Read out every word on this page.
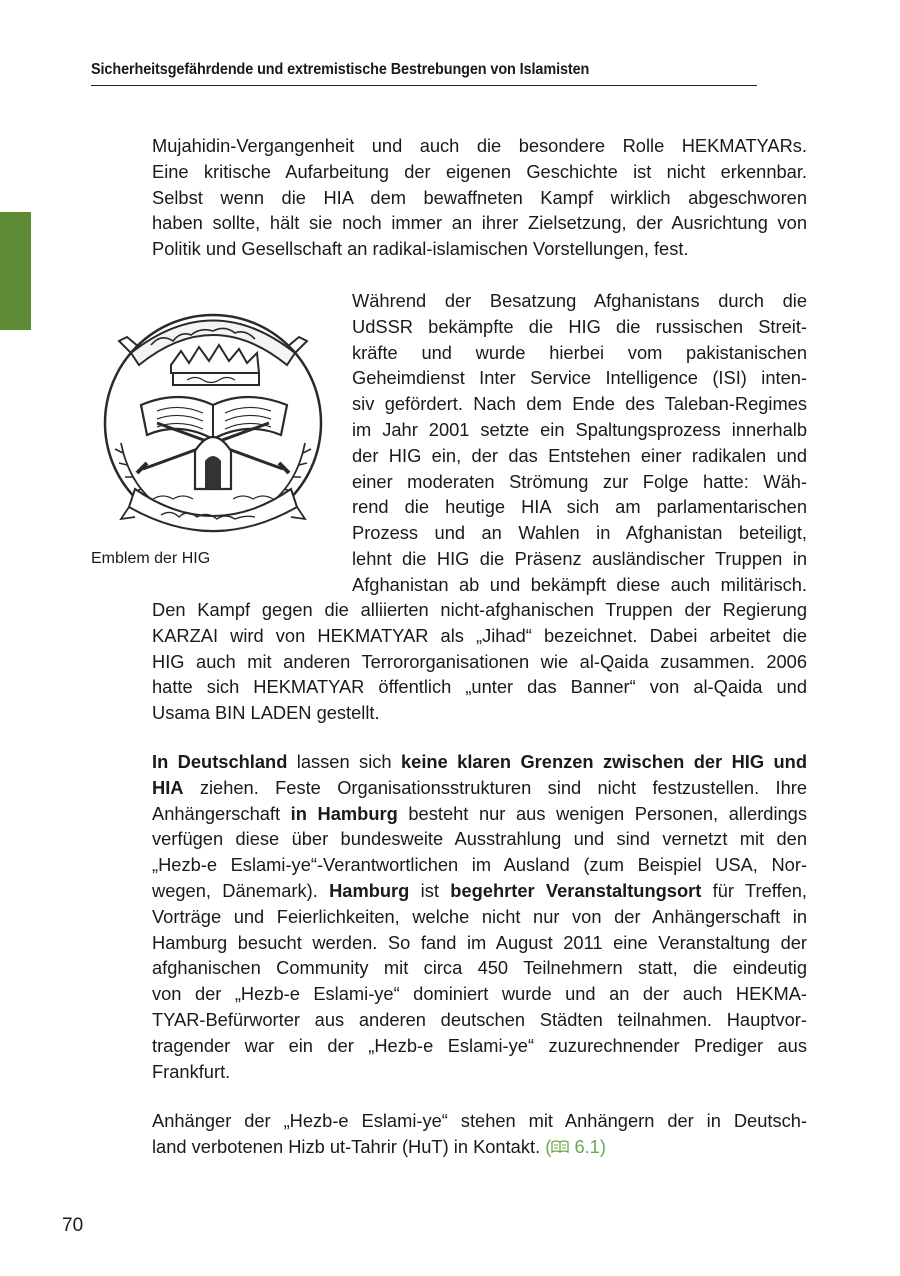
Sicherheitsgefährdende und extremistische Bestrebungen von Islamisten
Mujahidin-Vergangenheit und auch die besondere Rolle HEKMATYARs.
Eine kritische Aufarbeitung der eigenen Geschichte ist nicht erkennbar.
Selbst wenn die HIA dem bewaffneten Kampf wirklich abgeschworen
haben sollte, hält sie noch immer an ihrer Zielsetzung, der Ausrichtung von
Politik und Gesellschaft an radikal-islamischen Vorstellungen, fest.
Emblem der HIG
Während der Besatzung Afghanistans durch die
UdSSR bekämpfte die HIG die russischen Streit-
kräfte und wurde hierbei vom pakistanischen
Geheimdienst Inter Service Intelligence (ISI) inten-
siv gefördert. Nach dem Ende des Taleban-Regimes
im Jahr 2001 setzte ein Spaltungsprozess innerhalb
der HIG ein, der das Entstehen einer radikalen und
einer moderaten Strömung zur Folge hatte: Wäh-
rend die heutige HIA sich am parlamentarischen
Prozess und an Wahlen in Afghanistan beteiligt,
lehnt die HIG die Präsenz ausländischer Truppen in
Afghanistan ab und bekämpft diese auch militärisch.
Den Kampf gegen die alliierten nicht-afghanischen Truppen der Regierung
KARZAI wird von HEKMATYAR als „Jihad“ bezeichnet. Dabei arbeitet die
HIG auch mit anderen Terrororganisationen wie al-Qaida zusammen. 2006
hatte sich HEKMATYAR öffentlich „unter das Banner“ von al-Qaida und
Usama BIN LADEN gestellt.
In Deutschland lassen sich keine klaren Grenzen zwischen der HIG und
HIA ziehen. Feste Organisationsstrukturen sind nicht festzustellen. Ihre
Anhängerschaft in Hamburg besteht nur aus wenigen Personen, allerdings
verfügen diese über bundesweite Ausstrahlung und sind vernetzt mit den
„Hezb-e Eslami-ye“-Verantwortlichen im Ausland (zum Beispiel USA, Nor-
wegen, Dänemark). Hamburg ist begehrter Veranstaltungsort für Treffen,
Vorträge und Feierlichkeiten, welche nicht nur von der Anhängerschaft in
Hamburg besucht werden. So fand im August 2011 eine Veranstaltung der
afghanischen Community mit circa 450 Teilnehmern statt, die eindeutig
von der „Hezb-e Eslami-ye“ dominiert wurde und an der auch HEKMA-
TYAR-Befürworter aus anderen deutschen Städten teilnahmen. Hauptvor-
tragender war ein der „Hezb-e Eslami-ye“ zuzurechnender Prediger aus
Frankfurt.
Anhänger der „Hezb-e Eslami-ye“ stehen mit Anhängern der in Deutsch-
land verbotenen Hizb ut-Tahrir (HuT) in Kontakt. ( 6.1)
70
